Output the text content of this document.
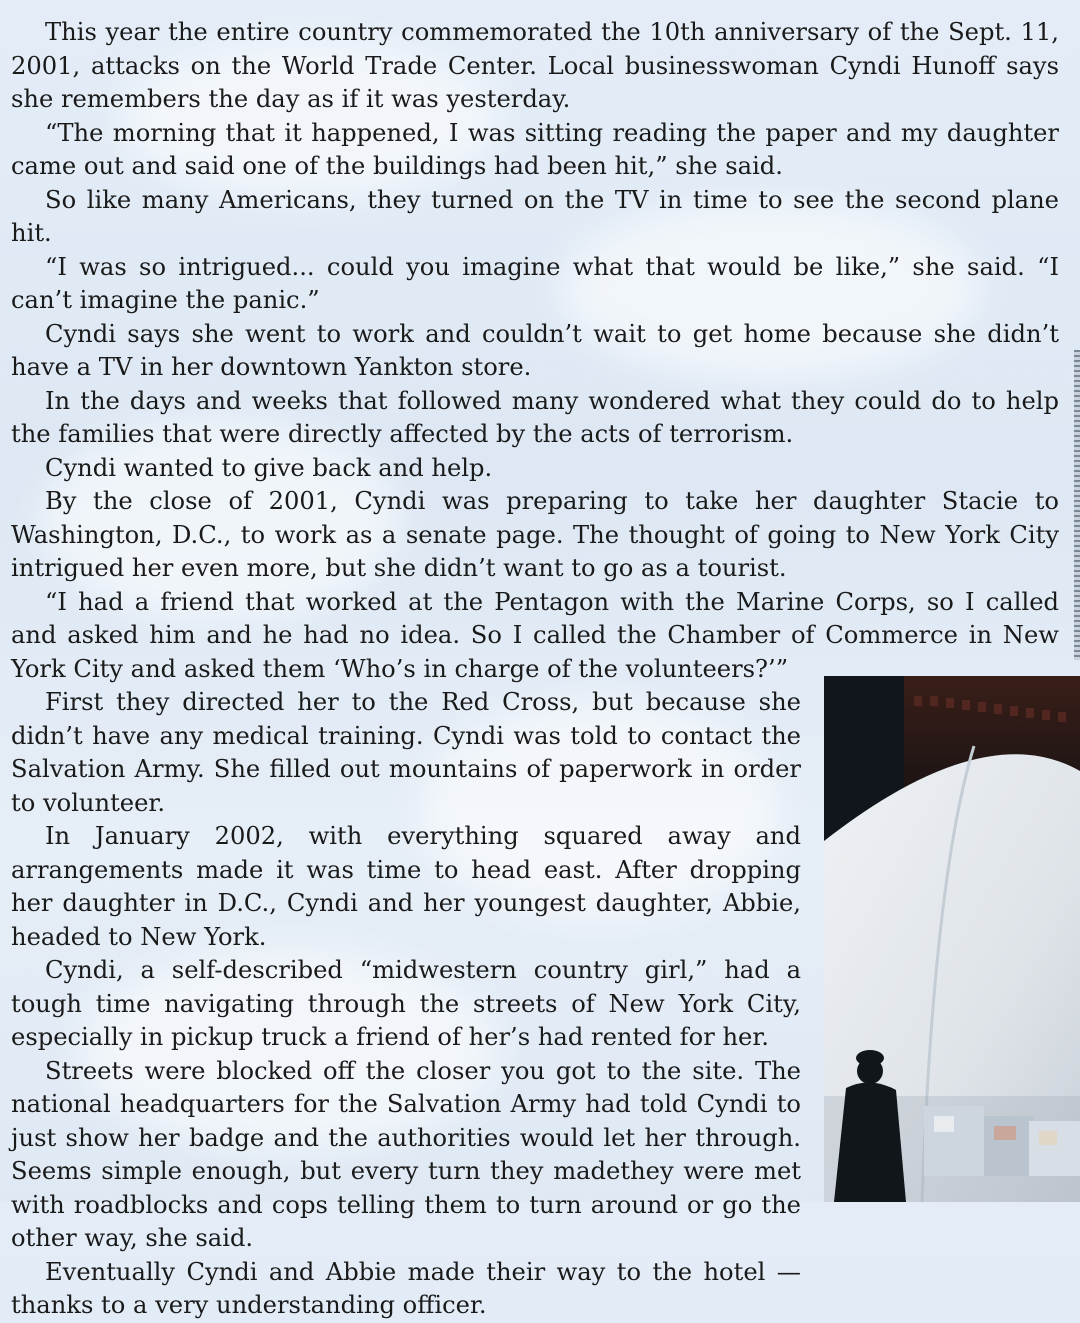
This year the entire country commemorated the 10th anniversary of the Sept. 11, 2001, attacks on the World Trade Center. Local businesswoman Cyndi Hunoff says she remembers the day as if it was yesterday.

“The morning that it happened, I was sitting reading the paper and my daughter came out and said one of the buildings had been hit,” she said.

So like many Americans, they turned on the TV in time to see the second plane hit.

“I was so intrigued... could you imagine what that would be like,” she said. “I can’t imagine the panic.”

Cyndi says she went to work and couldn’t wait to get home because she didn’t have a TV in her downtown Yankton store.

In the days and weeks that followed many wondered what they could do to help the families that were directly affected by the acts of terrorism.

Cyndi wanted to give back and help.

By the close of 2001, Cyndi was preparing to take her daughter Stacie to Washington, D.C., to work as a senate page. The thought of going to New York City intrigued her even more, but she didn’t want to go as a tourist.

“I had a friend that worked at the Pentagon with the Marine Corps, so I called and asked him and he had no idea. So I called the Chamber of Commerce in New York City and asked them ‘Who’s in charge of the volunteers?’”

First they directed her to the Red Cross, but because she didn’t have any medical training. Cyndi was told to contact the Salvation Army. She filled out mountains of paperwork in order to volunteer.

In January 2002, with everything squared away and arrangements made it was time to head east. After dropping her daughter in D.C., Cyndi and her youngest daughter, Abbie, headed to New York.

Cyndi, a self-described “midwestern country girl,” had a tough time navigating through the streets of New York City, especially in pickup truck a friend of her’s had rented for her.

Streets were blocked off the closer you got to the site. The national headquarters for the Salvation Army had told Cyndi to just show her badge and the authorities would let her through. Seems simple enough, but every turn they madethey were met with roadblocks and cops telling them to turn around or go the other way, she said.

Eventually Cyndi and Abbie made their way to the hotel — thanks to a very understanding officer.
